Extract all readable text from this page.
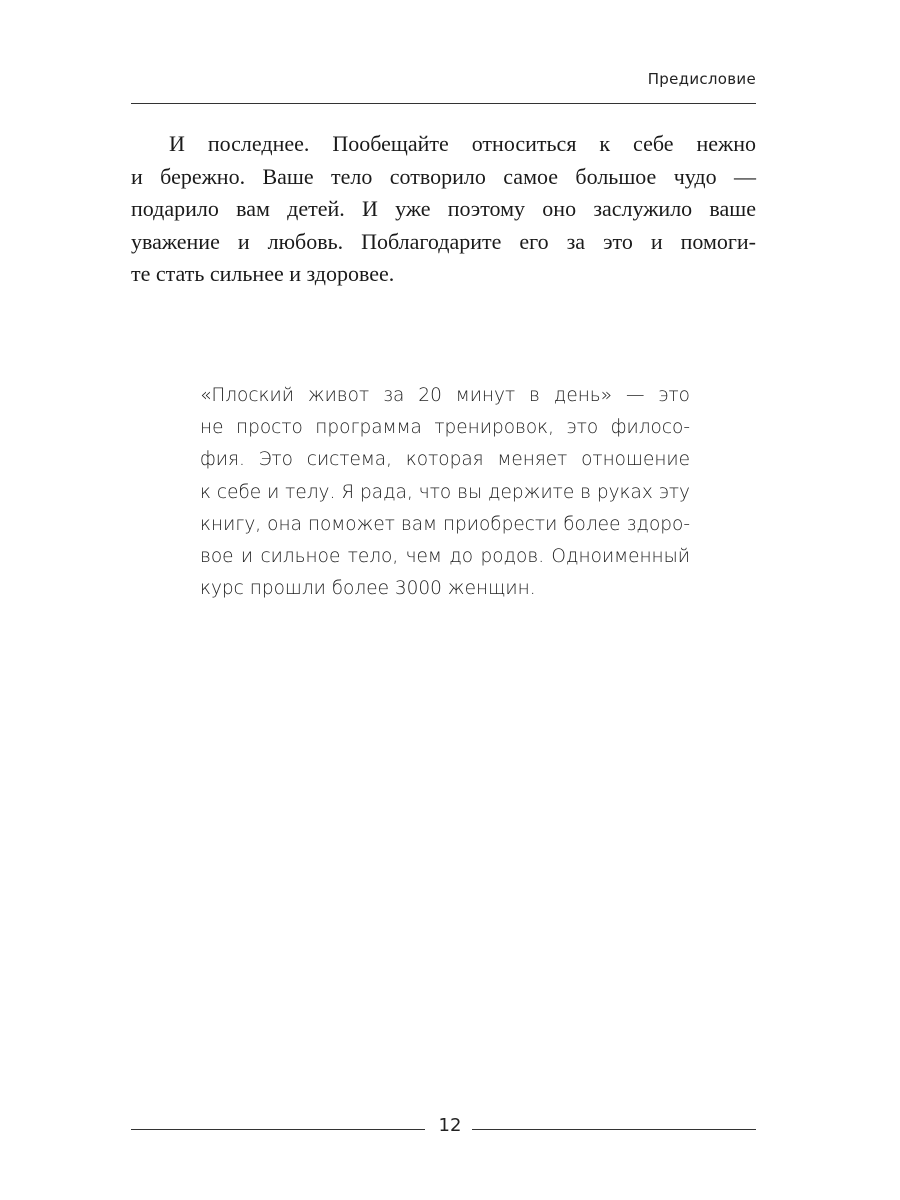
Предисловие
И последнее. Пообещайте относиться к себе нежно
и бережно. Ваше тело сотворило самое большое чудо —
подарило вам детей. И уже поэтому оно заслужило ваше
уважение и любовь. Поблагодарите его за это и помоги-
те стать сильнее и здоровее.
«Плоский живот за 20 минут в день» — это
не просто программа тренировок, это филосо-
фия. Это система, которая меняет отношение
к себе и телу. Я рада, что вы держите в руках эту
книгу, она поможет вам приобрести более здоро-
вое и сильное тело, чем до родов. Одноименный
курс прошли более 3000 женщин.
12
